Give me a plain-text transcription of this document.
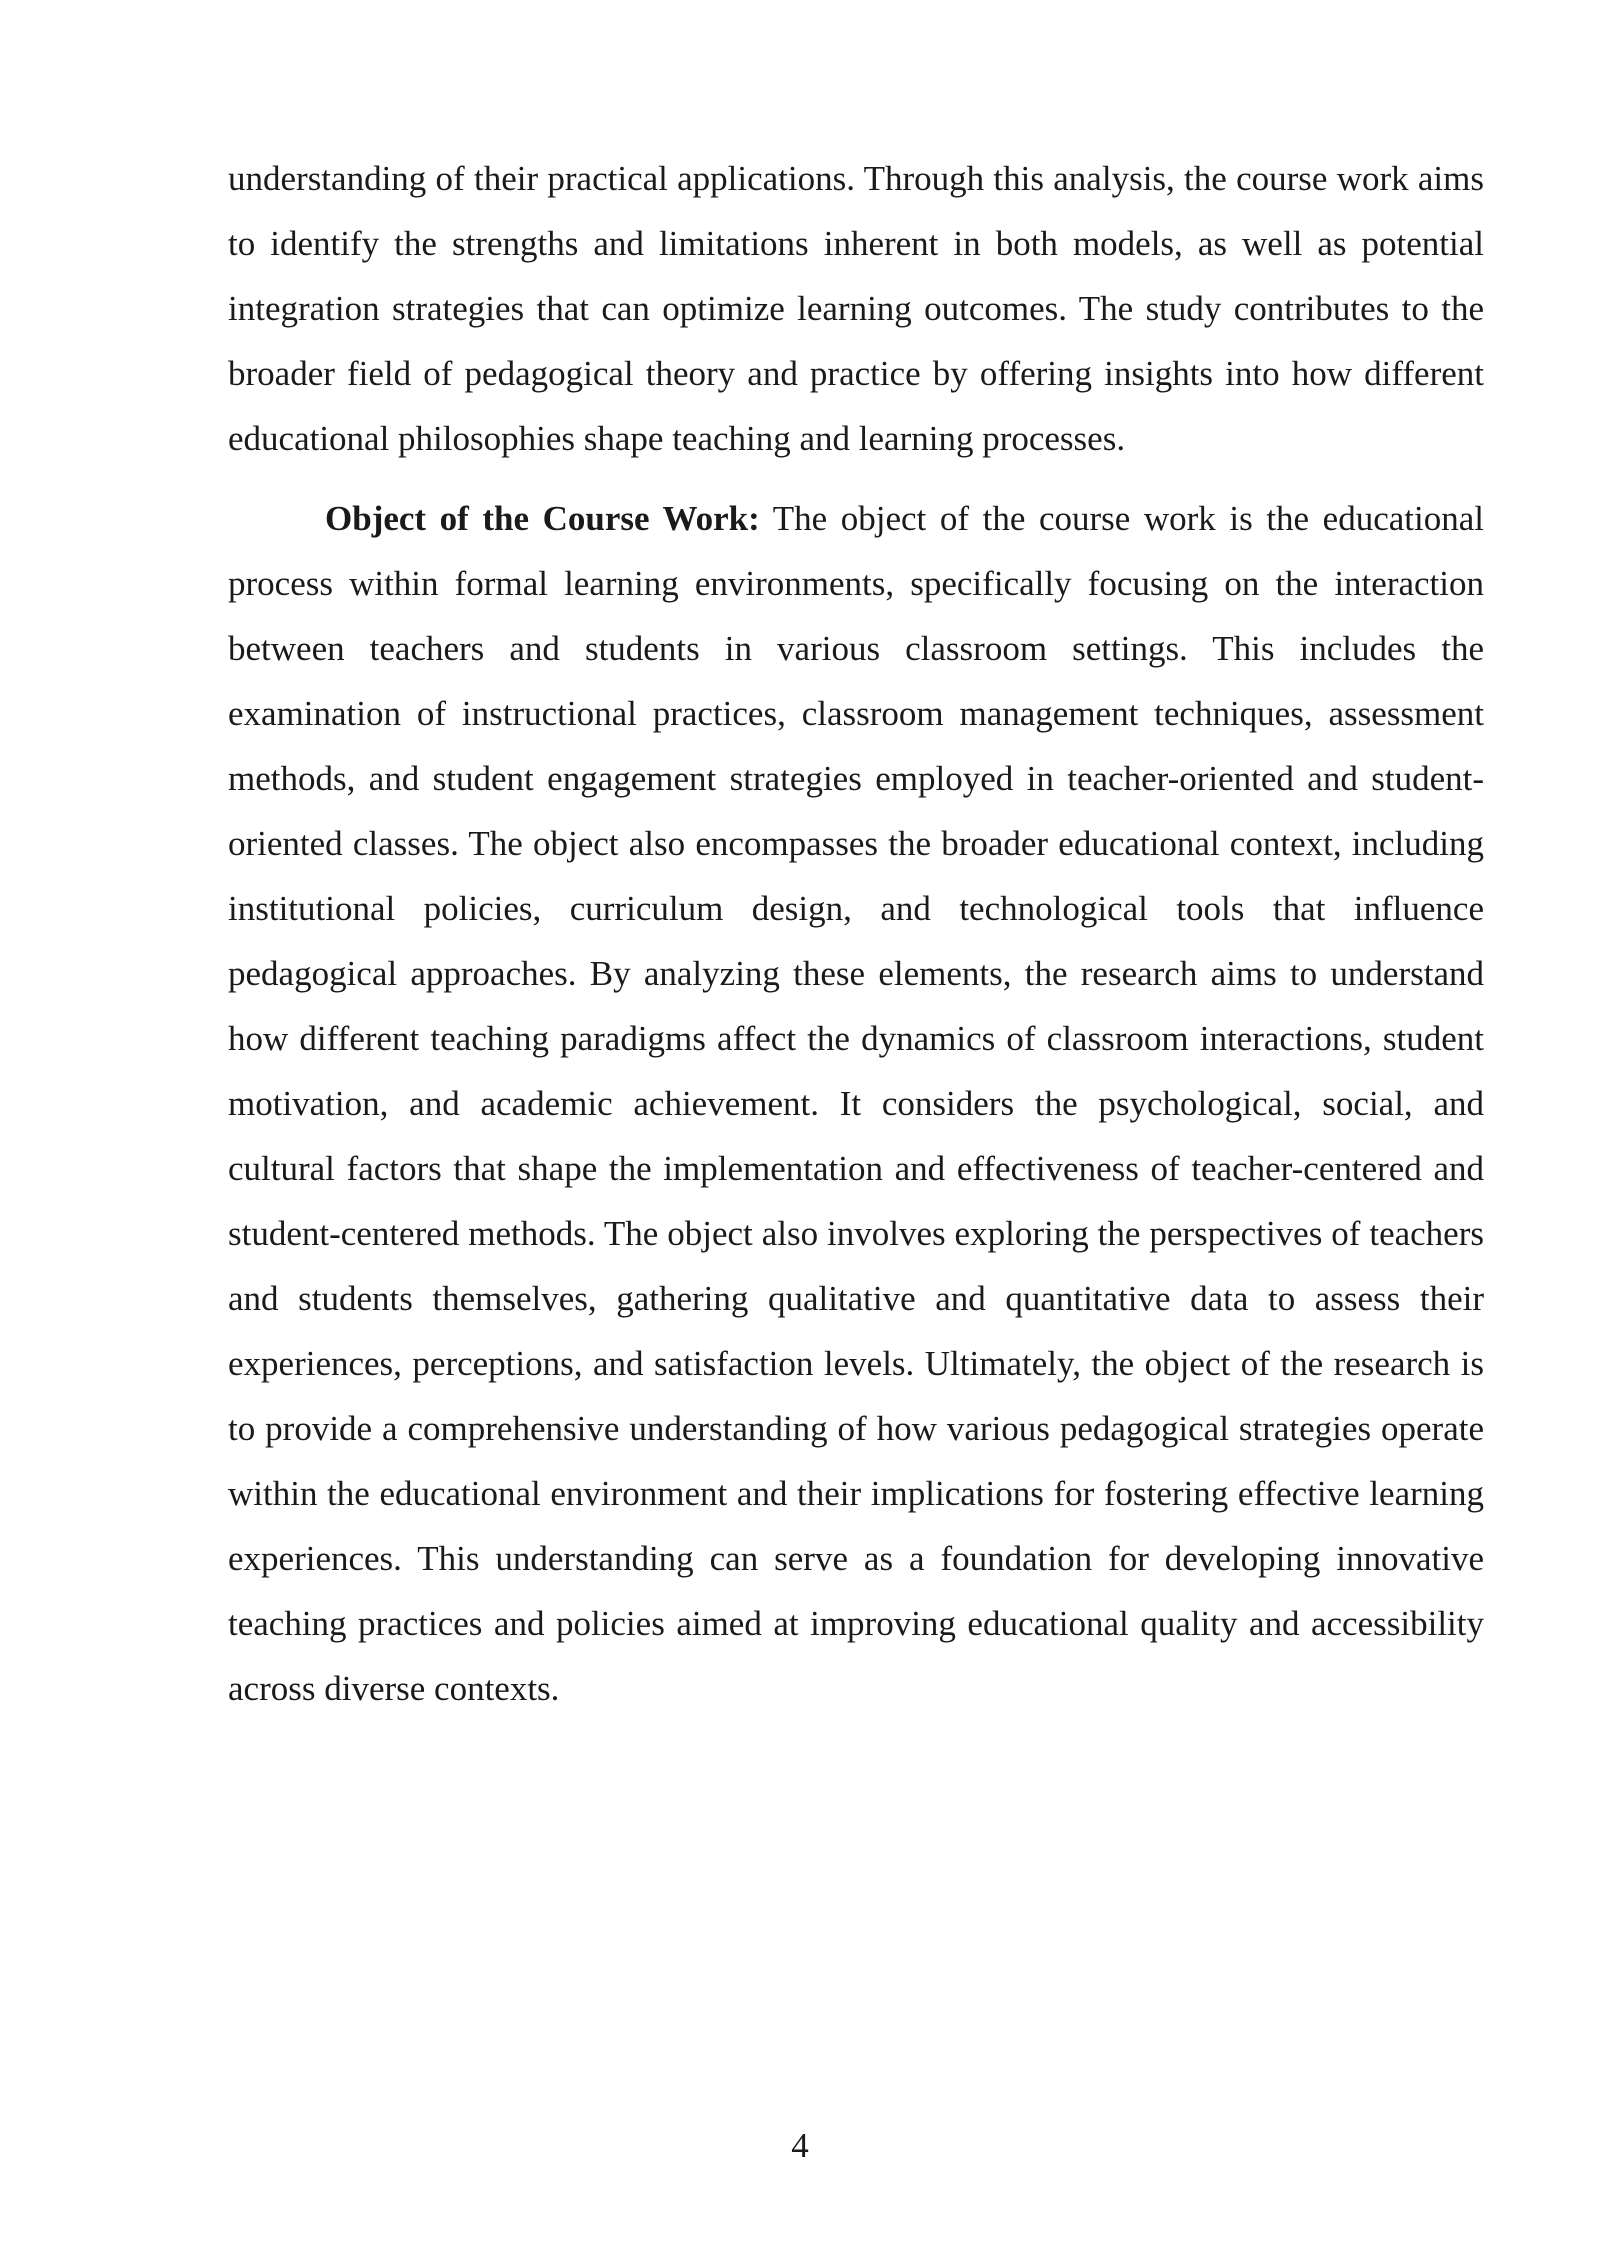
understanding of their practical applications. Through this analysis, the course work aims to identify the strengths and limitations inherent in both models, as well as potential integration strategies that can optimize learning outcomes. The study contributes to the broader field of pedagogical theory and practice by offering insights into how different educational philosophies shape teaching and learning processes.

Object of the Course Work: The object of the course work is the educational process within formal learning environments, specifically focusing on the interaction between teachers and students in various classroom settings. This includes the examination of instructional practices, classroom management techniques, assessment methods, and student engagement strategies employed in teacher-oriented and student-oriented classes. The object also encompasses the broader educational context, including institutional policies, curriculum design, and technological tools that influence pedagogical approaches. By analyzing these elements, the research aims to understand how different teaching paradigms affect the dynamics of classroom interactions, student motivation, and academic achievement. It considers the psychological, social, and cultural factors that shape the implementation and effectiveness of teacher-centered and student-centered methods. The object also involves exploring the perspectives of teachers and students themselves, gathering qualitative and quantitative data to assess their experiences, perceptions, and satisfaction levels. Ultimately, the object of the research is to provide a comprehensive understanding of how various pedagogical strategies operate within the educational environment and their implications for fostering effective learning experiences. This understanding can serve as a foundation for developing innovative teaching practices and policies aimed at improving educational quality and accessibility across diverse contexts.

4
